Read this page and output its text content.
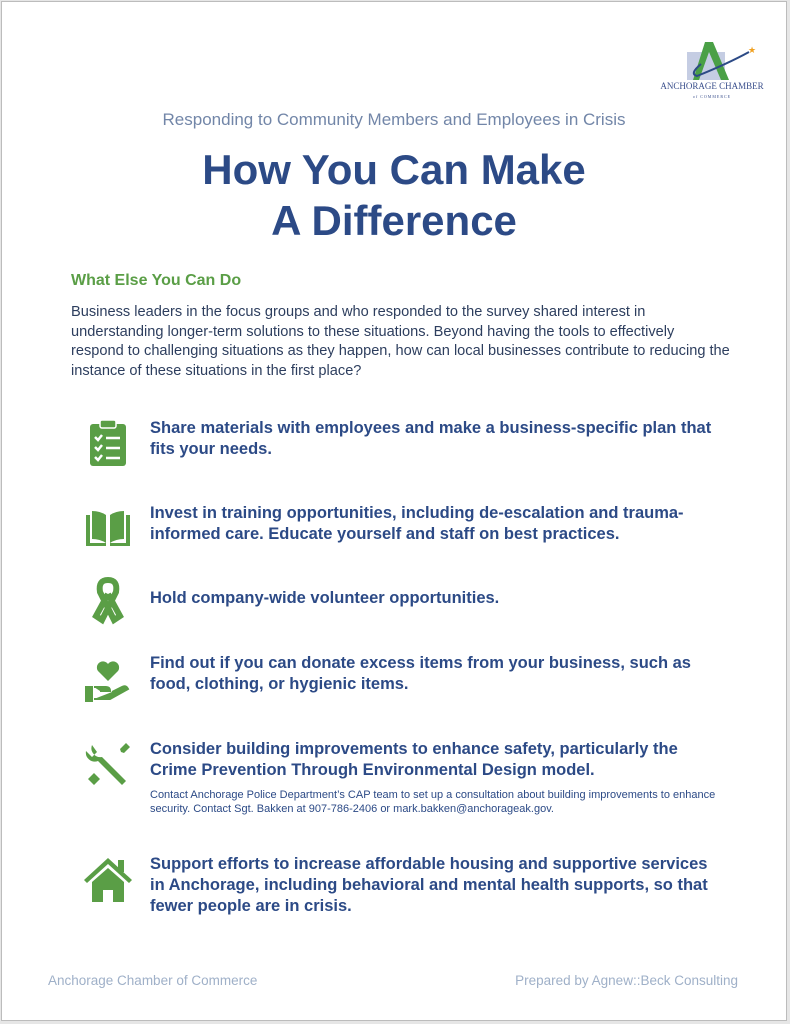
★
ANCHORAGE CHAMBER
of COMMERCE
Responding to Community Members and Employees in Crisis
How You Can Make
A Difference
What Else You Can Do
Business leaders in the focus groups and who responded to the survey shared interest in understanding longer-term solutions to these situations. Beyond having the tools to effectively respond to challenging situations as they happen, how can local businesses contribute to reducing the instance of these situations in the first place?
Share materials with employees and make a business-specific plan that fits your needs.
Invest in training opportunities, including de-escalation and trauma-informed care. Educate yourself and staff on best practices.
Hold company-wide volunteer opportunities.
Find out if you can donate excess items from your business, such as food, clothing, or hygienic items.
Consider building improvements to enhance safety, particularly the Crime Prevention Through Environmental Design model.
Contact Anchorage Police Department’s CAP team to set up a consultation about building improvements to enhance security. Contact Sgt. Bakken at 907-786-2406 or mark.bakken@anchorageak.gov.
Support efforts to increase affordable housing and supportive services in Anchorage, including behavioral and mental health supports, so that fewer people are in crisis.
Anchorage Chamber of Commerce	Prepared by Agnew::Beck Consulting
